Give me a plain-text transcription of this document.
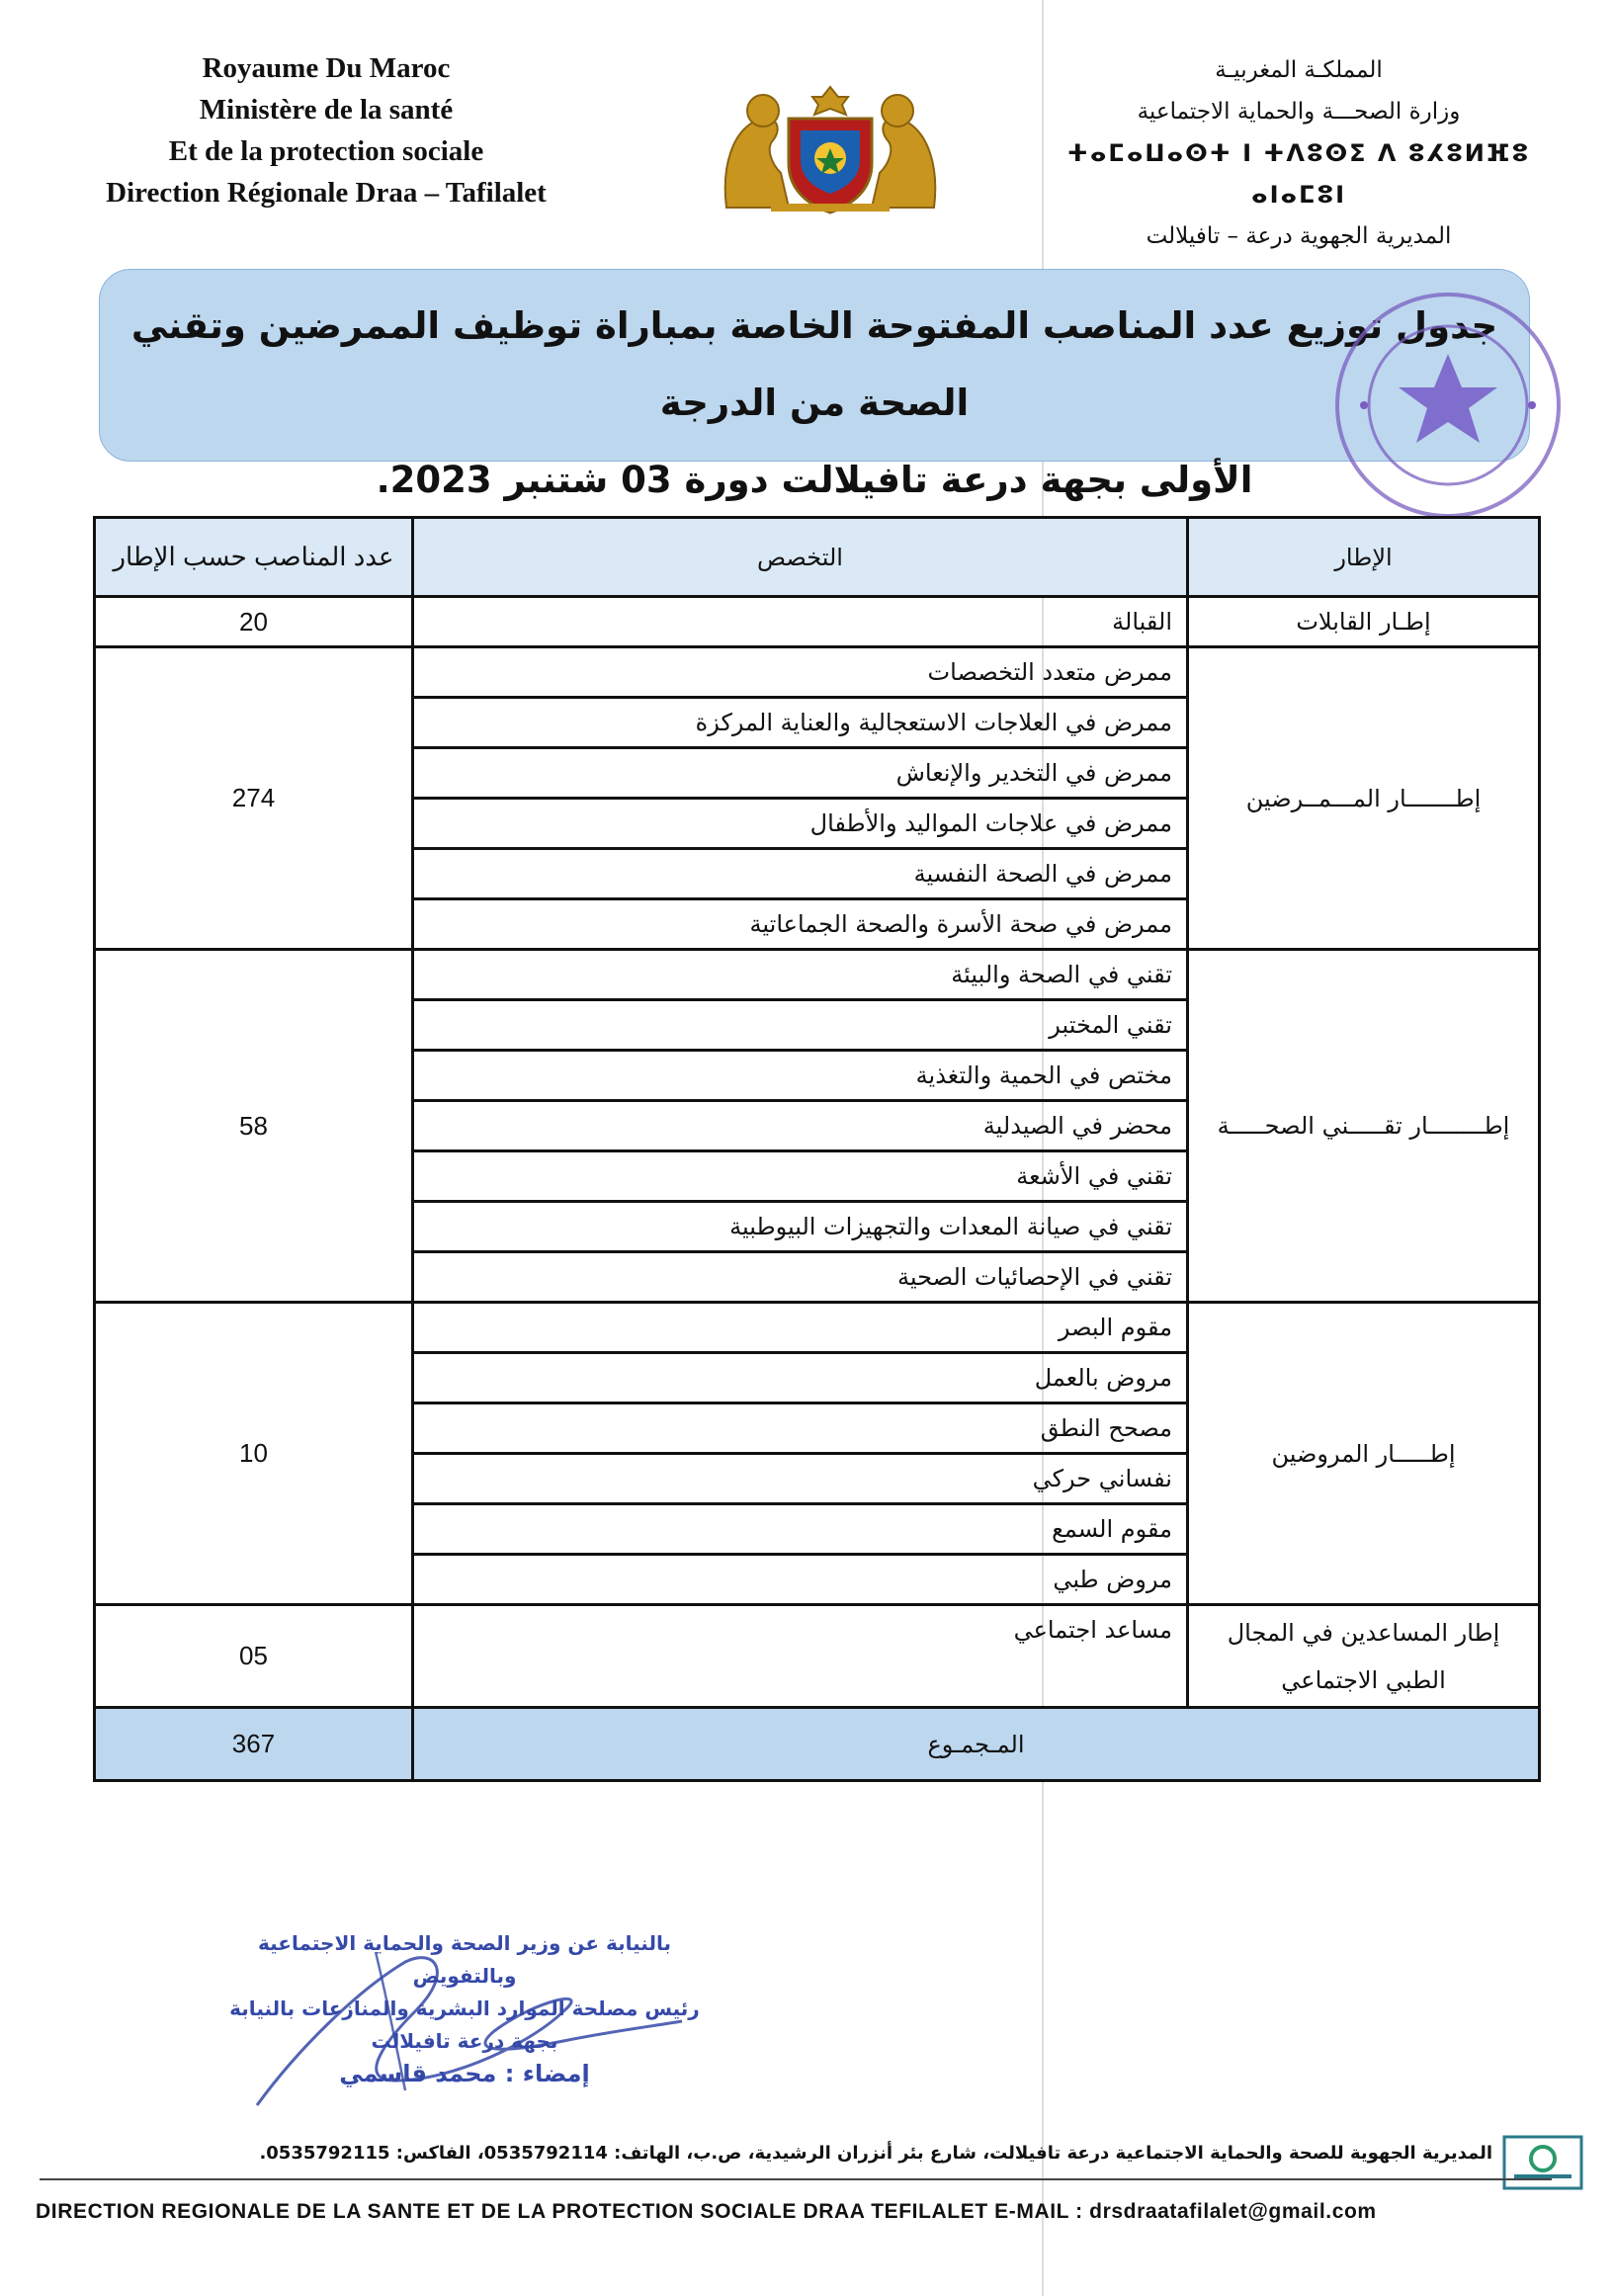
Royaume Du Maroc
Ministère de la santé
Et de la protection sociale
Direction Régionale Draa – Tafilalet
المملكـة المغربيـة
وزارة الصحـــة والحماية الاجتماعية
ⵜⴰⵎⴰⵡⴰⵙⵜ ⵏ ⵜⴷⵓⵙⵉ ⴷ ⵓⵃⵓⵍⴼⵓ ⴰⵏⴰⵎⵓⵏ
المديرية الجهوية درعة – تافيلالت
جدول توزيع عدد المناصب المفتوحة الخاصة بمباراة توظيف الممرضين وتقني الصحة من الدرجة
الأولى بجهة درعة تافيلالت دورة 03 شتنبر 2023.
الإطار	التخصص	عدد المناصب حسب الإطار
إطـار القابلات	القبالة	20
إطـــــــار المـــمــرضين	ممرض متعدد التخصصات	274
	ممرض في العلاجات الاستعجالية والعناية المركزة	
	ممرض في التخدير والإنعاش	
	ممرض في علاجات المواليد والأطفال	
	ممرض في الصحة النفسية	
	ممرض في صحة الأسرة والصحة الجماعاتية	
إطــــــــار تقـــــني الصحـــــة	تقني في الصحة والبيئة	58
	تقني المختبر	
	مختص في الحمية والتغذية	
	محضر في الصيدلية	
	تقني في الأشعة	
	تقني في صيانة المعدات والتجهيزات البيوطبية	
	تقني في الإحصائيات الصحية	
إطـــــار المروضين	مقوم البصر	10
	مروض بالعمل	
	مصحح النطق	
	نفساني حركي	
	مقوم السمع	
	مروض طبي	
إطار المساعدين في المجال الطبي الاجتماعي	مساعد اجتماعي	05
المـجمـوع		367
بالنيابة عن وزير الصحة والحماية الاجتماعية
وبالتفويض
رئيس مصلحة الموارد البشرية والمنازعات بالنيابة
بجهة درعة تافيلالت
إمضاء : محمد قاسمي
المديرية الجهوية للصحة والحماية الاجتماعية درعة تافيلالت، شارع بئر أنزران الرشيدية، ص.ب، الهاتف: 0535792114، الفاكس: 0535792115.
DIRECTION REGIONALE DE LA SANTE ET DE LA PROTECTION SOCIALE DRAA TEFILALET E-MAIL : drsdraatafilalet@gmail.com
